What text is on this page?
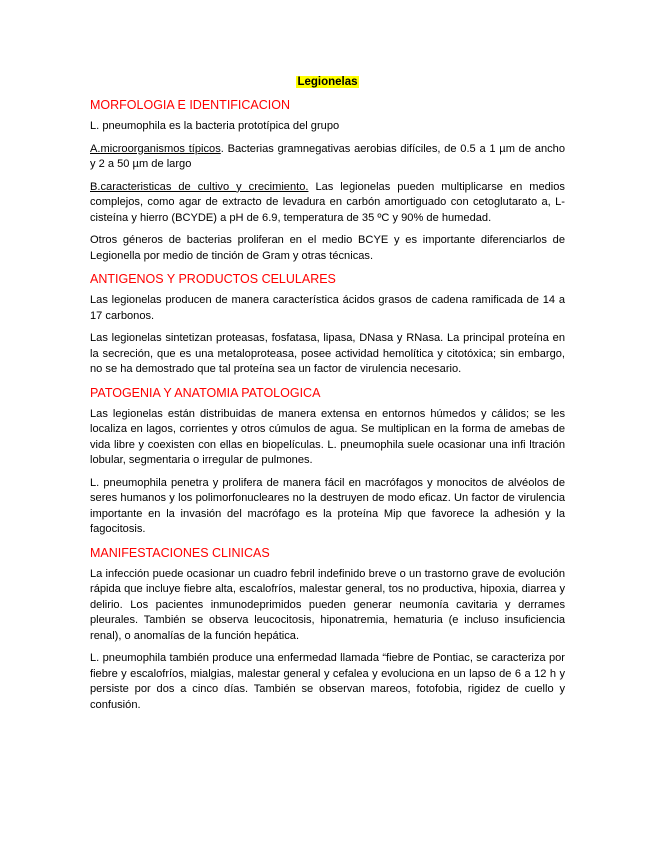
Legionelas
MORFOLOGIA E IDENTIFICACION

L. pneumophila es la bacteria prototípica del grupo

A.microorganismos típicos. Bacterias gramnegativas aerobias difíciles, de 0.5 a 1 µm de ancho y 2 a 50 µm de largo

B.caracteristicas de cultivo y crecimiento. Las legionelas pueden multiplicarse en medios complejos, como agar de extracto de levadura en carbón amortiguado con cetoglutarato a, L-cisteína y hierro (BCYDE) a pH de 6.9, temperatura de 35 ºC y 90% de humedad.

Otros géneros de bacterias proliferan en el medio BCYE y es importante diferenciarlos de Legionella por medio de tinción de Gram y otras técnicas.

ANTIGENOS Y PRODUCTOS CELULARES

Las legionelas producen de manera característica ácidos grasos de cadena ramificada de 14 a 17 carbonos.

Las legionelas sintetizan proteasas, fosfatasa, lipasa, DNasa y RNasa. La principal proteína en la secreción, que es una metaloproteasa, posee actividad hemolítica y citotóxica; sin embargo, no se ha demostrado que tal proteína sea un factor de virulencia necesario.

PATOGENIA Y ANATOMIA PATOLOGICA

Las legionelas están distribuidas de manera extensa en entornos húmedos y cálidos; se les localiza en lagos, corrientes y otros cúmulos de agua. Se multiplican en la forma de amebas de vida libre y coexisten con ellas en biopelículas. L. pneumophila suele ocasionar una infi ltración lobular, segmentaria o irregular de pulmones.

L. pneumophila penetra y prolifera de manera fácil en macrófagos y monocitos de alvéolos de seres humanos y los polimorfonucleares no la destruyen de modo eficaz. Un factor de virulencia importante en la invasión del macrófago es la proteína Mip que favorece la adhesión y la fagocitosis.

MANIFESTACIONES CLINICAS

La infección puede ocasionar un cuadro febril indefinido breve o un trastorno grave de evolución rápida que incluye fiebre alta, escalofríos, malestar general, tos no productiva, hipoxia, diarrea y delirio. Los pacientes inmunodeprimidos pueden generar neumonía cavitaria y derrames pleurales. También se observa leucocitosis, hiponatremia, hematuria (e incluso insuficiencia renal), o anomalías de la función hepática.

L. pneumophila también produce una enfermedad llamada “fiebre de Pontiac, se caracteriza por fiebre y escalofríos, mialgias, malestar general y cefalea y evoluciona en un lapso de 6 a 12 h y persiste por dos a cinco días. También se observan mareos, fotofobia, rigidez de cuello y confusión.
